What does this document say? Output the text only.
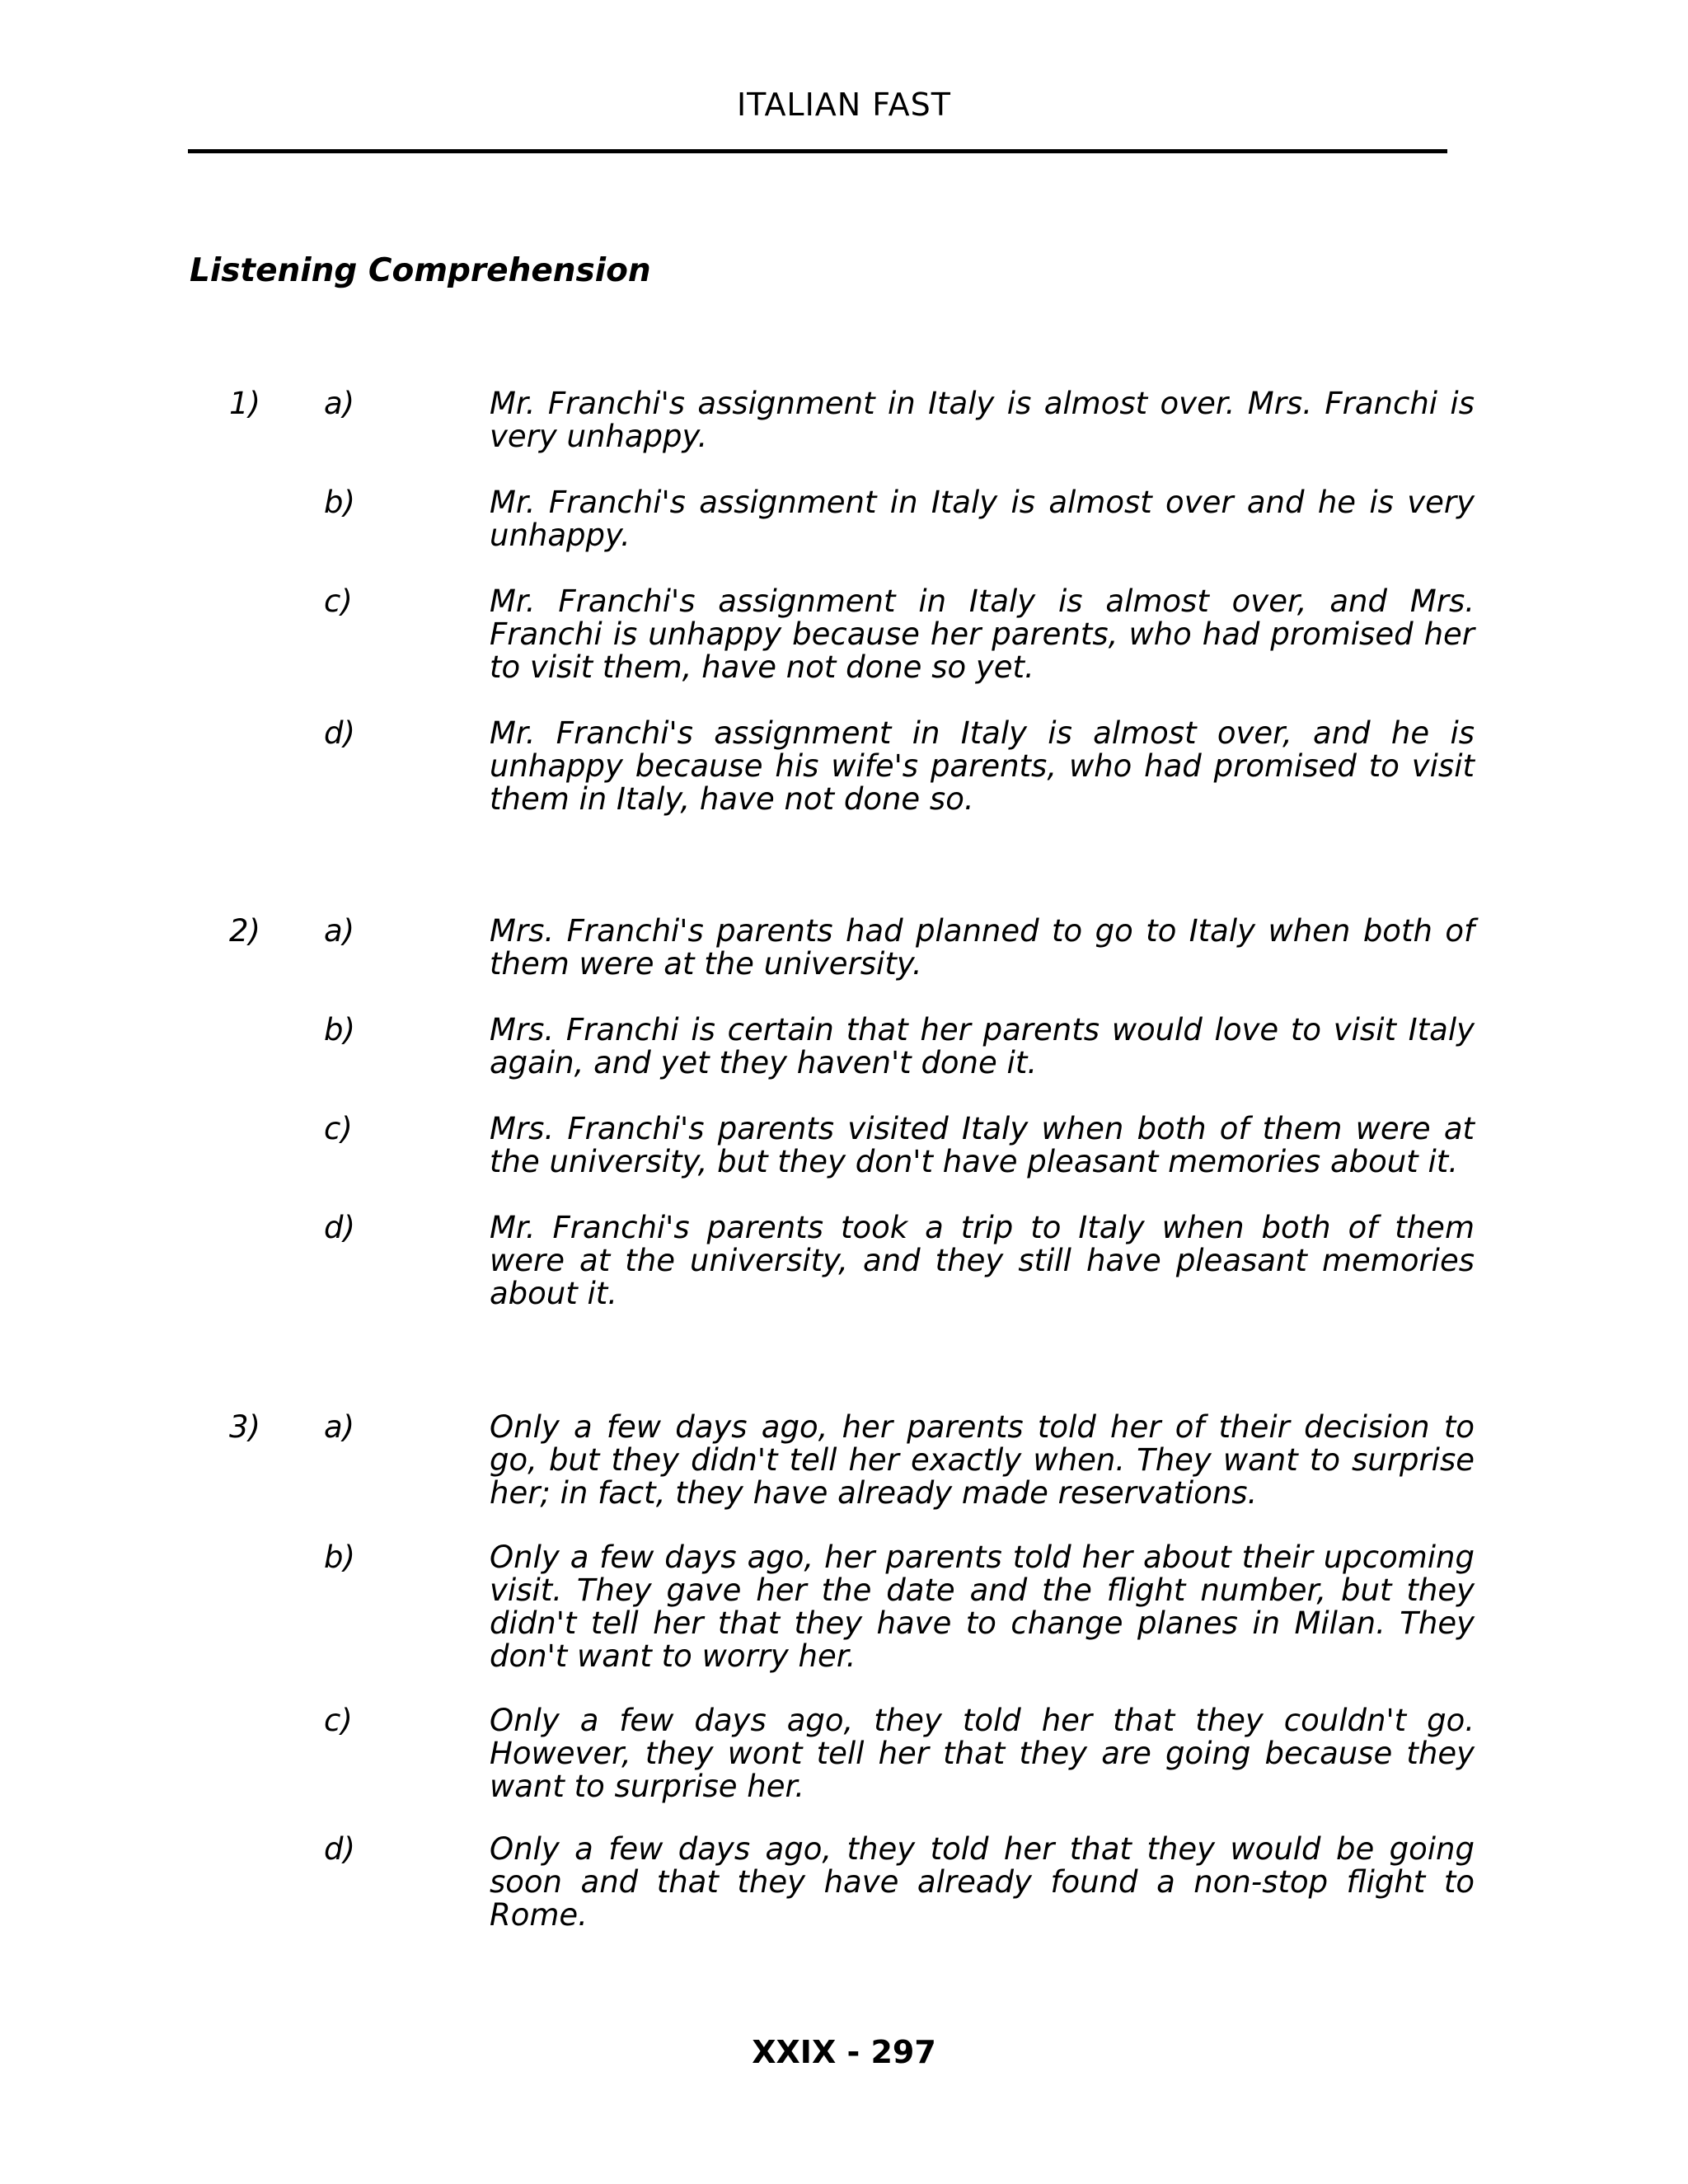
ITALIAN FAST
Listening Comprehension
1) a)	Mr. Franchi's assignment in Italy is almost over. Mrs. Franchi is very unhappy.
b)	Mr. Franchi's assignment in Italy is almost over and he is very unhappy.
c)	Mr. Franchi's assignment in Italy is almost over, and Mrs. Franchi is unhappy because her parents, who had promised her to visit them, have not done so yet.
d)	Mr. Franchi's assignment in Italy is almost over, and he is unhappy because his wife's parents, who had promised to visit them in Italy, have not done so.
2) a)	Mrs. Franchi's parents had planned to go to Italy when both of them were at the university.
b)	Mrs. Franchi is certain that her parents would love to visit Italy again, and yet they haven't done it.
c)	Mrs. Franchi's parents visited Italy when both of them were at the university, but they don't have pleasant memories about it.
d)	Mr. Franchi's parents took a trip to Italy when both of them were at the university, and they still have pleasant memories about it.
3) a)	Only a few days ago, her parents told her of their decision to go, but they didn't tell her exactly when. They want to surprise her; in fact, they have already made reservations.
b)	Only a few days ago, her parents told her about their upcoming visit. They gave her the date and the flight number, but they didn't tell her that they have to change planes in Milan. They don't want to worry her.
c)	Only a few days ago, they told her that they couldn't go. However, they wont tell her that they are going because they want to surprise her.
d)	Only a few days ago, they told her that they would be going soon and that they have already found a non-stop flight to Rome.
XXIX - 297
